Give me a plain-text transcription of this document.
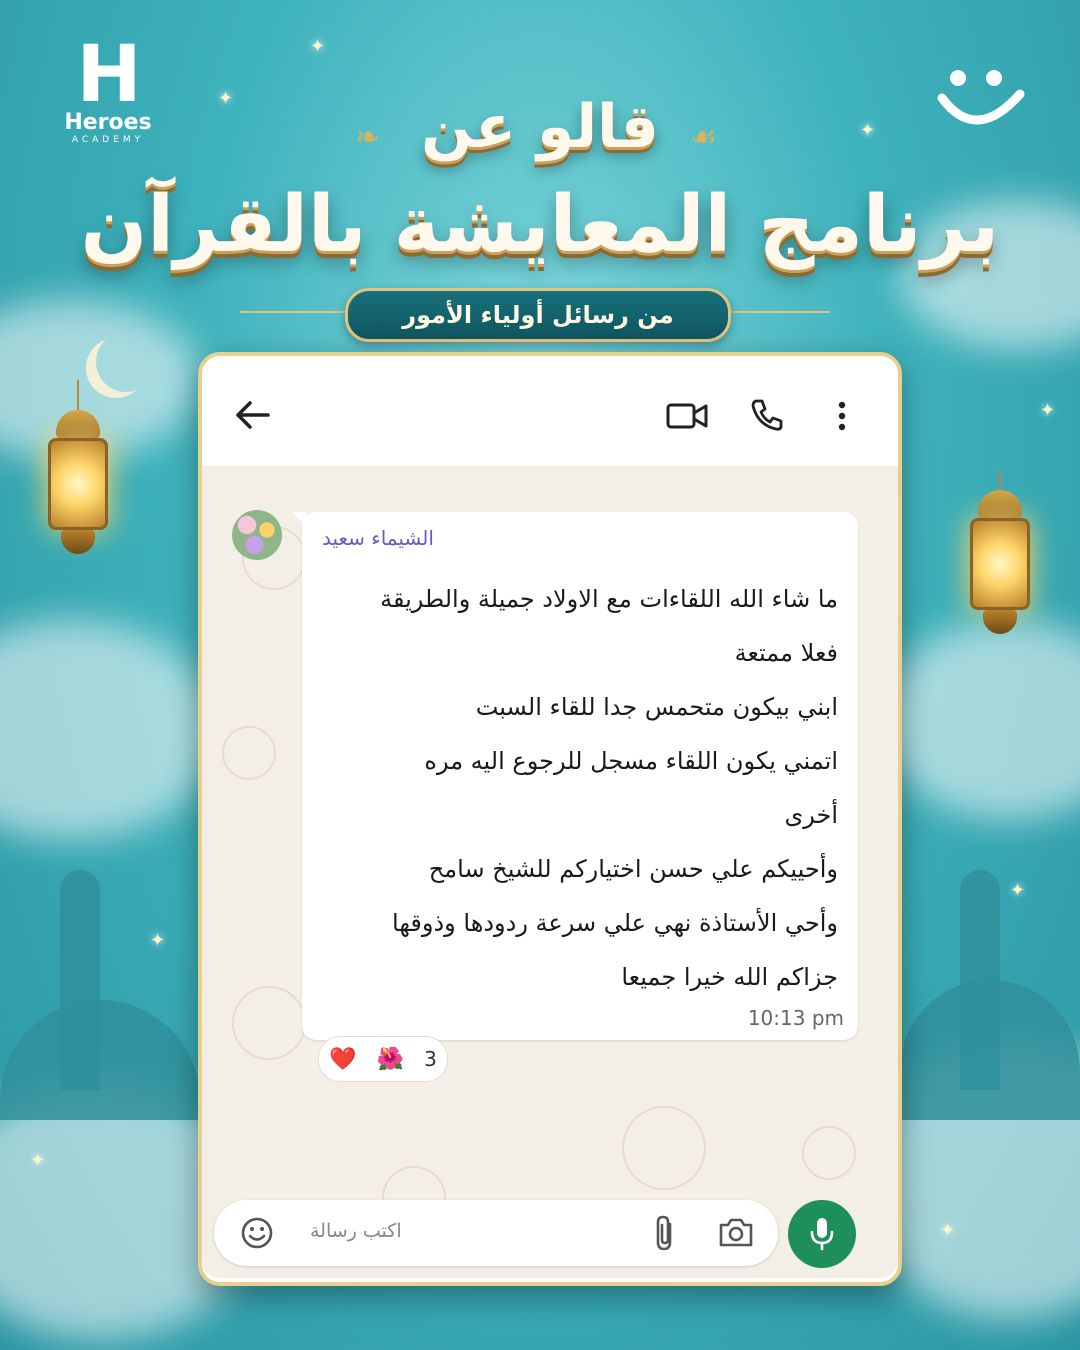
✦
✦
✦
✦
✦
✦
✦
✦
H
Heroes
ACADEMY	❧	☙
قالو عن
برنامج المعايشة بالقرآن
من رسائل أولياء الأمور
الشيماء سعيد
ما شاء الله اللقاءات مع الاولاد جميلة والطريقة
فعلا ممتعة
ابني بيكون متحمس جدا للقاء السبت
اتمني يكون اللقاء مسجل للرجوع اليه مره
أخرى
وأحييكم علي حسن اختياركم للشيخ سامح
وأحي الأستاذة نهي علي سرعة ردودها وذوقها
جزاكم الله خيرا جميعا
10:13 pm
❤️ 🌺 3
اكتب رسالة
